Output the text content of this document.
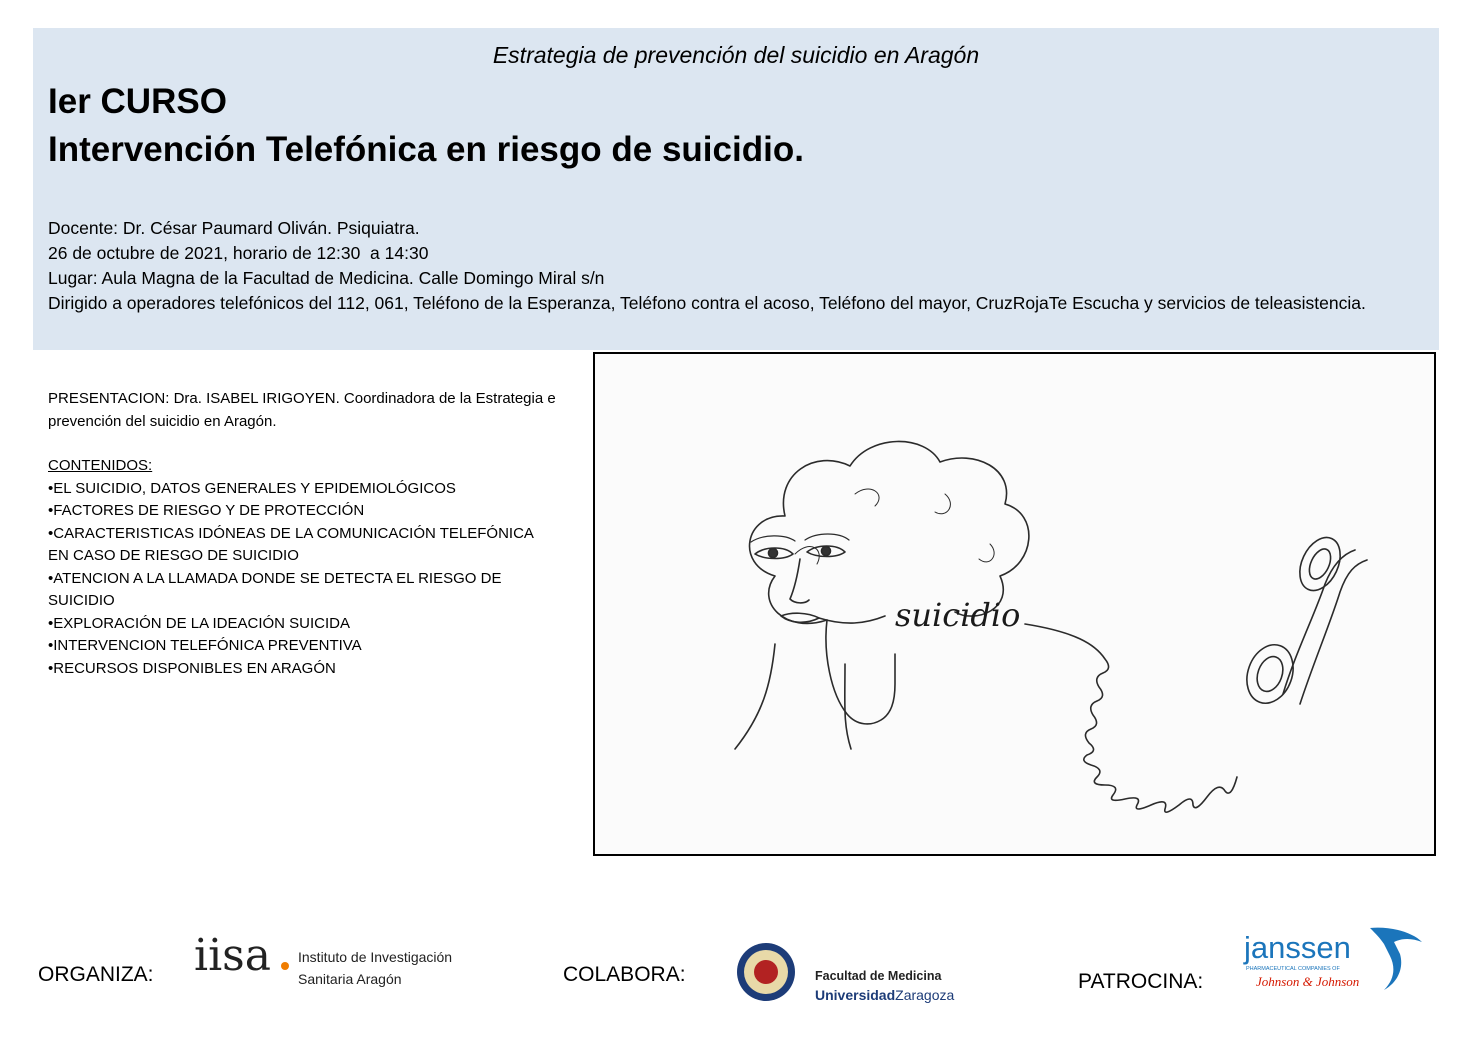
Estrategia de prevención del suicidio en Aragón
Ier CURSO
Intervención Telefónica en riesgo de suicidio.
Docente: Dr. César Paumard Oliván. Psiquiatra.
26 de octubre de 2021, horario de 12:30  a 14:30
Lugar: Aula Magna de la Facultad de Medicina. Calle Domingo Miral s/n
Dirigido a operadores telefónicos del 112, 061, Teléfono de la Esperanza, Teléfono contra el acoso, Teléfono del mayor, CruzRojaTe Escucha y servicios de teleasistencia.

PRESENTACION: Dra. ISABEL IRIGOYEN. Coordinadora de la Estrategia e prevención del suicidio en Aragón.

CONTENIDOS:
• EL SUICIDIO, DATOS GENERALES Y EPIDEMIOLÓGICOS
• FACTORES DE RIESGO Y DE PROTECCIÓN
• CARACTERISTICAS IDÓNEAS DE LA COMUNICACIÓN TELEFÓNICA EN CASO DE RIESGO DE SUICIDIO
• ATENCION A LA LLAMADA DONDE SE DETECTA EL RIESGO DE SUICIDIO
• EXPLORACIÓN DE LA IDEACIÓN SUICIDA
• INTERVENCION TELEFÓNICA PREVENTIVA
• RECURSOS DISPONIBLES EN ARAGÓN
suicidio
ORGANIZA: iisa Instituto de Investigación
Sanitaria Aragón	COLABORA:	Facultad de Medicina
UniversidadZaragoza
PATROCINA:
janssen
PHARMACEUTICAL COMPANIES OF
Johnson & Johnson
